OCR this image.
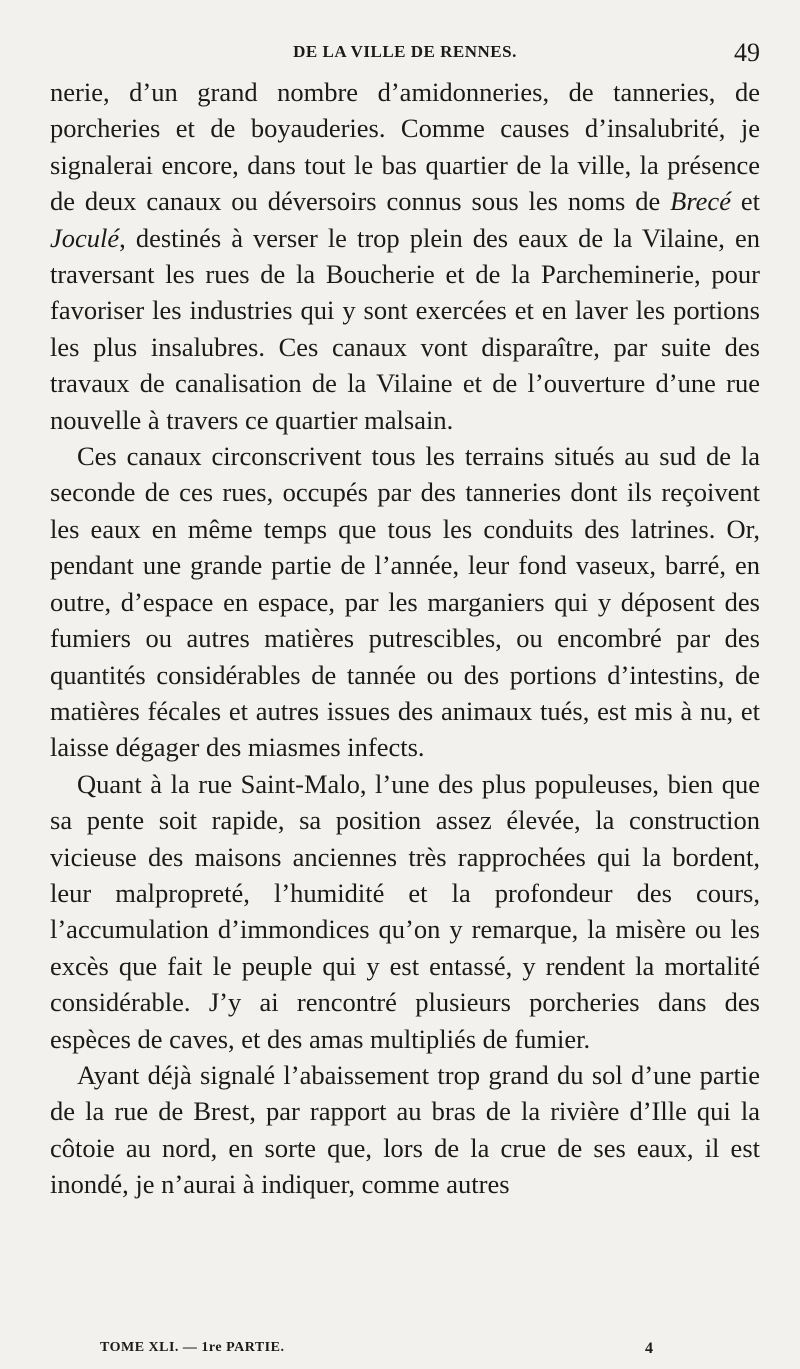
DE LA VILLE DE RENNES.	49

nerie, d’un grand nombre d’amidonneries, de tanneries, de porcheries et de boyauderies. Comme causes d’insalubrité, je signalerai encore, dans tout le bas quartier de la ville, la présence de deux canaux ou déversoirs connus sous les noms de Brecé et Joculé, destinés à verser le trop plein des eaux de la Vilaine, en traversant les rues de la Boucherie et de la Parcheminerie, pour favoriser les industries qui y sont exercées et en laver les portions les plus insalubres. Ces canaux vont disparaître, par suite des travaux de canalisation de la Vilaine et de l’ouverture d’une rue nouvelle à travers ce quartier malsain.

Ces canaux circonscrivent tous les terrains situés au sud de la seconde de ces rues, occupés par des tanneries dont ils reçoivent les eaux en même temps que tous les conduits des latrines. Or, pendant une grande partie de l’année, leur fond vaseux, barré, en outre, d’espace en espace, par les marganiers qui y déposent des fumiers ou autres matières putrescibles, ou encombré par des quantités considérables de tannée ou des portions d’intestins, de matières fécales et autres issues des animaux tués, est mis à nu, et laisse dégager des miasmes infects.

Quant à la rue Saint-Malo, l’une des plus populeuses, bien que sa pente soit rapide, sa position assez élevée, la construction vicieuse des maisons anciennes très rapprochées qui la bordent, leur malpropreté, l’humidité et la profondeur des cours, l’accumulation d’immondices qu’on y remarque, la misère ou les excès que fait le peuple qui y est entassé, y rendent la mortalité considérable. J’y ai rencontré plusieurs porcheries dans des espèces de caves, et des amas multipliés de fumier.

Ayant déjà signalé l’abaissement trop grand du sol d’une partie de la rue de Brest, par rapport au bras de la rivière d’Ille qui la côtoie au nord, en sorte que, lors de la crue de ses eaux, il est inondé, je n’aurai à indiquer, comme autres

TOME XLI. — 1re PARTIE.	4
